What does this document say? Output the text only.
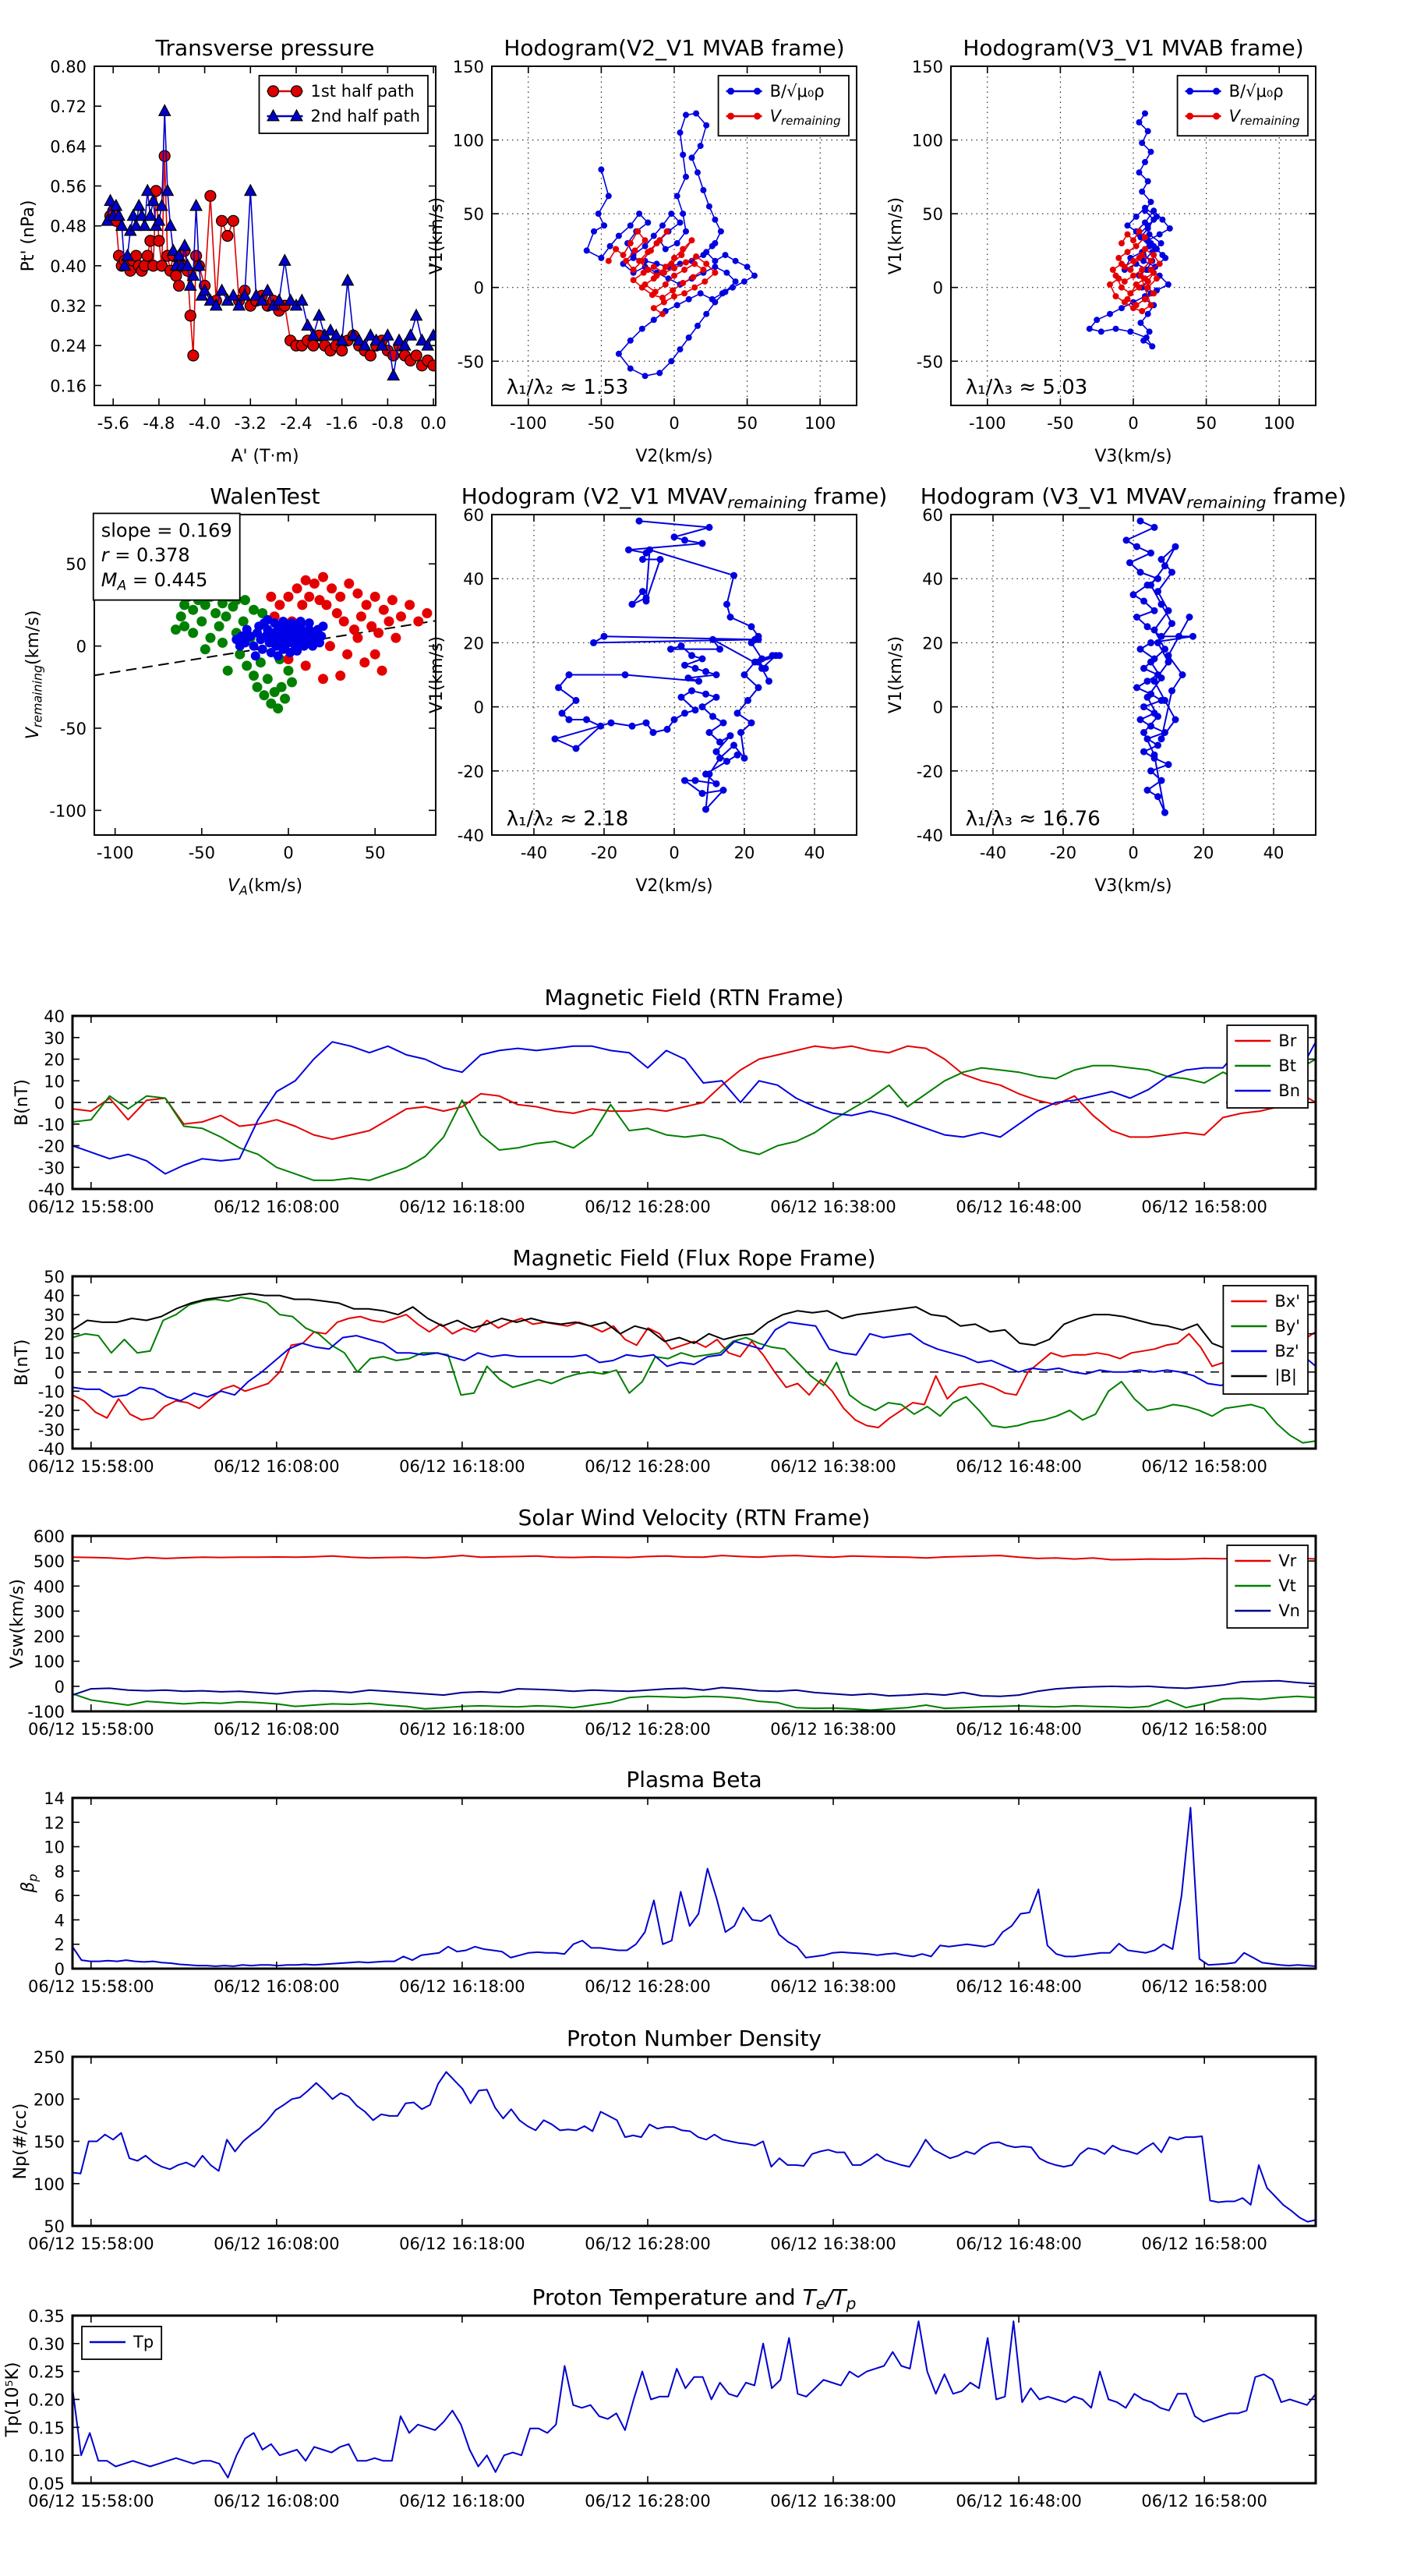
-5.6 -4.8 -4.0 -3.2 -2.4 -1.6 -0.8 0.0
0.16
0.24
0.32
0.40
0.48
0.56
0.64
0.72
0.80
Transverse pressure
A' (T·m)
Pt' (nPa)
1st half path
2nd half path
-100	-50	0	50	100
-50
0
50
100
150
Hodogram(V2_V1 MVAB frame)
V2(km/s)
V1(km/s)
λ₁/λ₂ ≈ 1.53
B/√μ₀ρ
$V_{remaining}$
-100	-50	0	50	100
-50
0
50
100
150
Hodogram(V3_V1 MVAB frame)
V3(km/s)
V1(km/s)
λ₁/λ₃ ≈ 5.03
B/√μ₀ρ
$V_{remaining}$
-100	-50	0	50
-100
-50
0
50
WalenTest
$V_A(km/s)$
$V_{remaining}(km/s)$
slope = 0.169
r = 0.378
$M_A = 0.445$
-40	-20	0	20	40
-40
-20
0
20
40
60
Hodogram (V2_V1 $MVAV_{remaining}$ frame)
V2(km/s)
V1(km/s)
λ₁/λ₂ ≈ 2.18
-40	-20	0	20	40
-40
-20
0
20
40
60
Hodogram (V3_V1 $MVAV_{remaining}$ frame)
V3(km/s)
V1(km/s)
λ₁/λ₃ ≈ 16.76
06/12 15:58:00	06/12 16:08:00	06/12 16:18:00	06/12 16:28:00	06/12 16:38:00	06/12 16:48:00	06/12 16:58:00
-40
-30
-20
-10
0
10
20
30
40
Magnetic Field (RTN Frame)
B(nT)
Br
Bt
Bn
06/12 15:58:00	06/12 16:08:00	06/12 16:18:00	06/12 16:28:00	06/12 16:38:00	06/12 16:48:00	06/12 16:58:00
-40
-30
-20
-10
0
10
20
30
40
50
Magnetic Field (Flux Rope Frame)
B(nT)
Bx'
By'
Bz'
|B|
06/12 15:58:00	06/12 16:08:00	06/12 16:18:00	06/12 16:28:00	06/12 16:38:00	06/12 16:48:00	06/12 16:58:00
-100
0
100
200
300
400
500
600
Solar Wind Velocity (RTN Frame)
Vsw(km/s)
Vr
Vt
Vn
06/12 15:58:00	06/12 16:08:00	06/12 16:18:00	06/12 16:28:00	06/12 16:38:00	06/12 16:48:00	06/12 16:58:00
0
2
4
6
8
10
12
14
Plasma Beta
$\beta_p$
06/12 15:58:00	06/12 16:08:00	06/12 16:18:00	06/12 16:28:00	06/12 16:38:00	06/12 16:48:00	06/12 16:58:00
50
100
150
200
250
Proton Number Density
Np(#/cc)
06/12 15:58:00	06/12 16:08:00	06/12 16:18:00	06/12 16:28:00	06/12 16:38:00	06/12 16:48:00	06/12 16:58:00
0.05
0.10
0.15
0.20
0.25
0.30
0.35
Proton Temperature and $T_e/T_p$
Tp(10⁵K)
Tp
